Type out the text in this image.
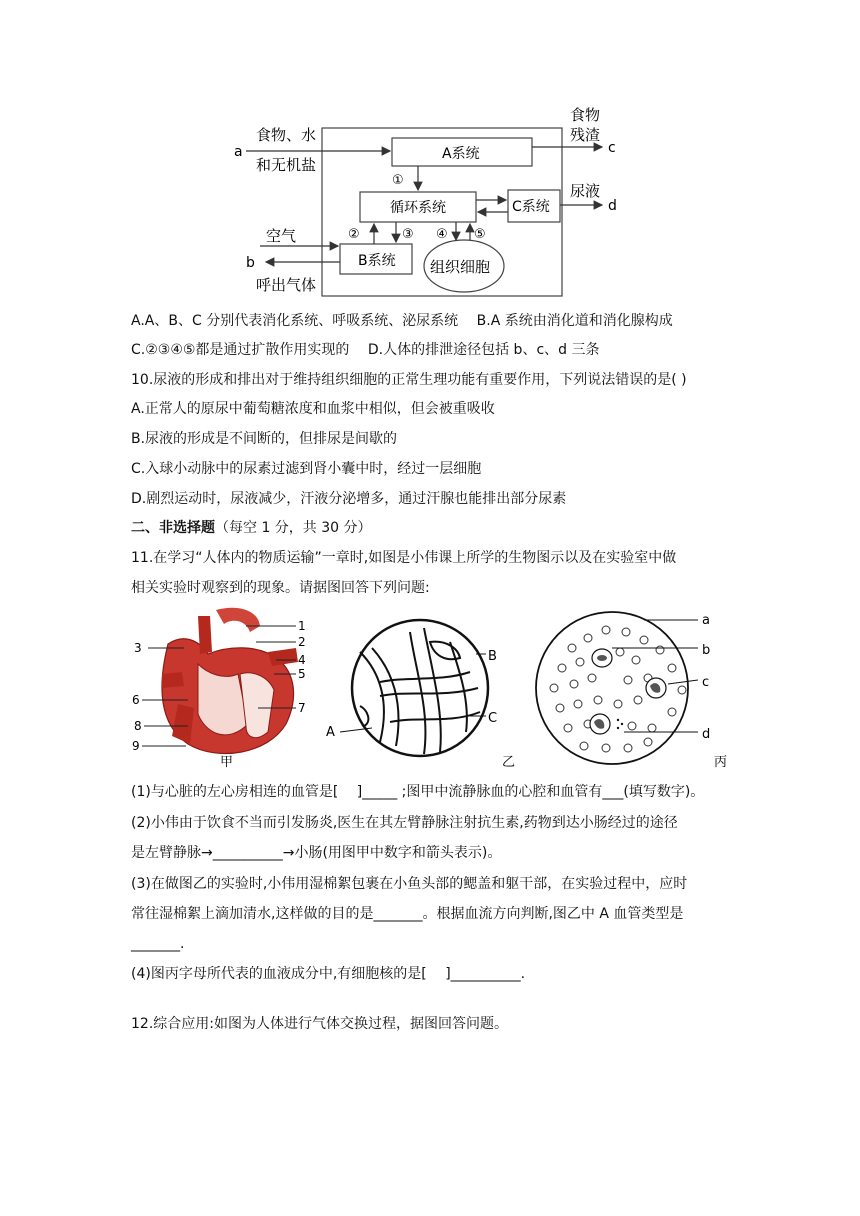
食物、水
和无机盐
a
食物
残渣
c
A系统
循环系统	C系统
B系统 组织细胞
尿液
d
空气
呼出气体
b
①
②	③ ④ ⑤
A.A、B、C 分别代表消化系统、呼吸系统、泌尿系统　 B.A 系统由消化道和消化腺构成
C.②③④⑤都是通过扩散作用实现的　 D.人体的排泄途径包括 b、c、d 三条
10.尿液的形成和排出对于维持组织细胞的正常生理功能有重要作用，下列说法错误的是( )
A.正常人的原尿中葡萄糖浓度和血浆中相似，但会被重吸收
B.尿液的形成是不间断的，但排尿是间歇的
C.入球小动脉中的尿素过滤到肾小囊中时，经过一层细胞
D.剧烈运动时，尿液减少，汗液分泌增多，通过汗腺也能排出部分尿素
二、非选择题（每空 1 分，共 30 分）
11.在学习“人体内的物质运输”一章时,如图是小伟课上所学的生物图示以及在实验室中做
相关实验时观察到的现象。请据图回答下列问题:
1
2
3
4
5
6
7
8
9
甲
B
C
A
乙
a
b
c
d
丙
(1)与心脏的左心房相连的血管是[　 ]_____ ;图甲中流静脉血的心腔和血管有___(填写数字)。
(2)小伟由于饮食不当而引发肠炎,医生在其左臂静脉注射抗生素,药物到达小肠经过的途径
是左臂静脉→__________→小肠(用图甲中数字和箭头表示)。
(3)在做图乙的实验时,小伟用湿棉絮包裹在小鱼头部的鳃盖和躯干部，在实验过程中，应时
常往湿棉絮上滴加清水,这样做的目的是_______。根据血流方向判断,图乙中 A 血管类型是
_______.
(4)图丙字母所代表的血液成分中,有细胞核的是[　 ]__________.
12.综合应用:如图为人体进行气体交换过程，据图回答问题。
